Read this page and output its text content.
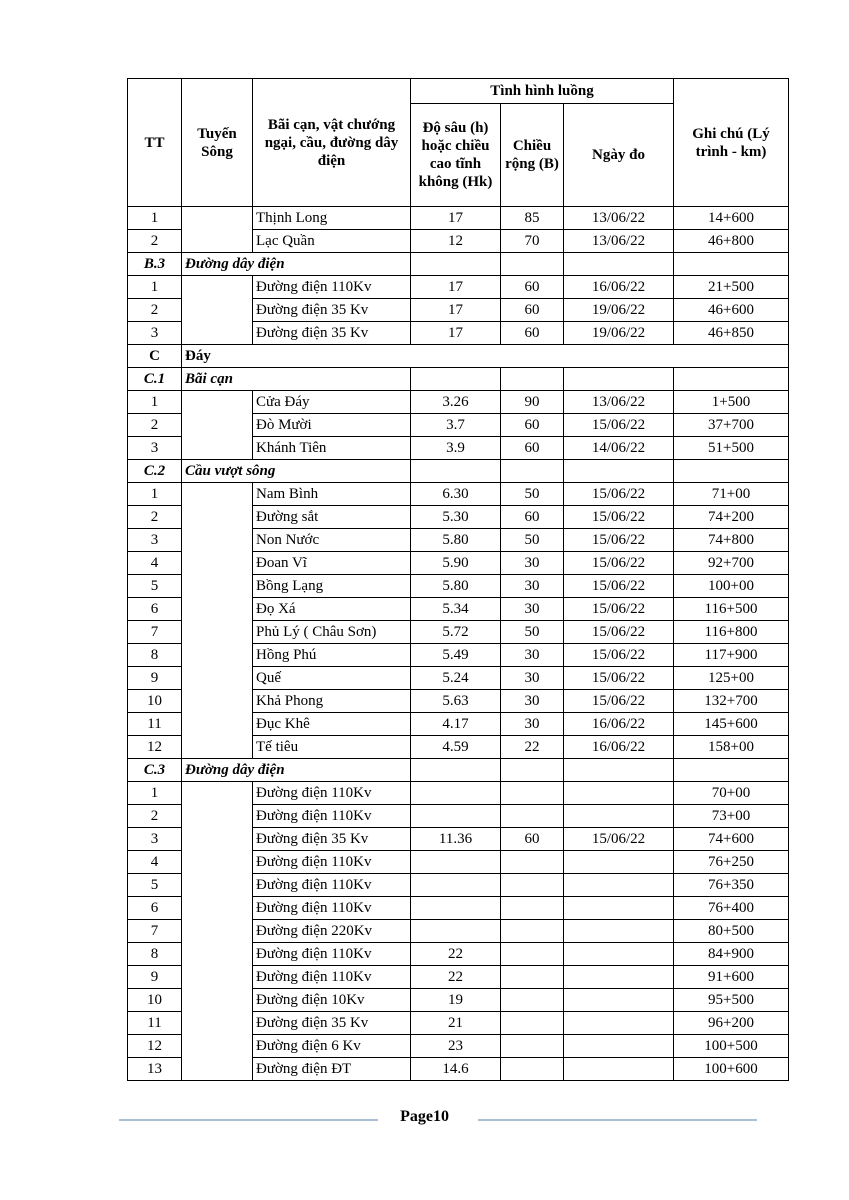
TT	Tuyến Sông	Bãi cạn, vật chướng ngại, cầu, đường dây điện	Tình hình luồng			Ghi chú (Lý trình - km)
			Độ sâu (h) hoặc chiều cao tĩnh không (Hk)	Chiều rộng (B)	Ngày đo	
1		Thịnh Long	17	85	13/06/22	14+600
2		Lạc Quần	12	70	13/06/22	46+800
B.3	Đường dây điện					
1		Đường điện 110Kv	17	60	16/06/22	21+500
2		Đường điện 35 Kv	17	60	19/06/22	46+600
3		Đường điện 35 Kv	17	60	19/06/22	46+850
C	Đáy					
C.1	Bãi cạn					
1		Cửa Đáy	3.26	90	13/06/22	1+500
2		Đò Mười	3.7	60	15/06/22	37+700
3		Khánh Tiên	3.9	60	14/06/22	51+500
C.2	Cầu vượt sông					
1		Nam Bình	6.30	50	15/06/22	71+00
2		Đường sắt	5.30	60	15/06/22	74+200
3		Non Nước	5.80	50	15/06/22	74+800
4		Đoan Vĩ	5.90	30	15/06/22	92+700
5		Bồng Lạng	5.80	30	15/06/22	100+00
6		Đọ Xá	5.34	30	15/06/22	116+500
7		Phủ Lý ( Châu Sơn)	5.72	50	15/06/22	116+800
8		Hồng Phú	5.49	30	15/06/22	117+900
9		Quế	5.24	30	15/06/22	125+00
10		Khả Phong	5.63	30	15/06/22	132+700
11		Đục Khê	4.17	30	16/06/22	145+600
12		Tế tiêu	4.59	22	16/06/22	158+00
C.3	Đường dây điện					
1		Đường điện 110Kv				70+00
2		Đường điện 110Kv				73+00
3		Đường điện 35 Kv	11.36	60	15/06/22	74+600
4		Đường điện 110Kv				76+250
5		Đường điện 110Kv				76+350
6		Đường điện 110Kv				76+400
7		Đường điện 220Kv				80+500
8		Đường điện 110Kv	22			84+900
9		Đường điện 110Kv	22			91+600
10		Đường điện 10Kv	19			95+500
11		Đường điện 35 Kv	21			96+200
12		Đường điện 6 Kv	23			100+500
13		Đường điện ĐT	14.6			100+600
Page10
